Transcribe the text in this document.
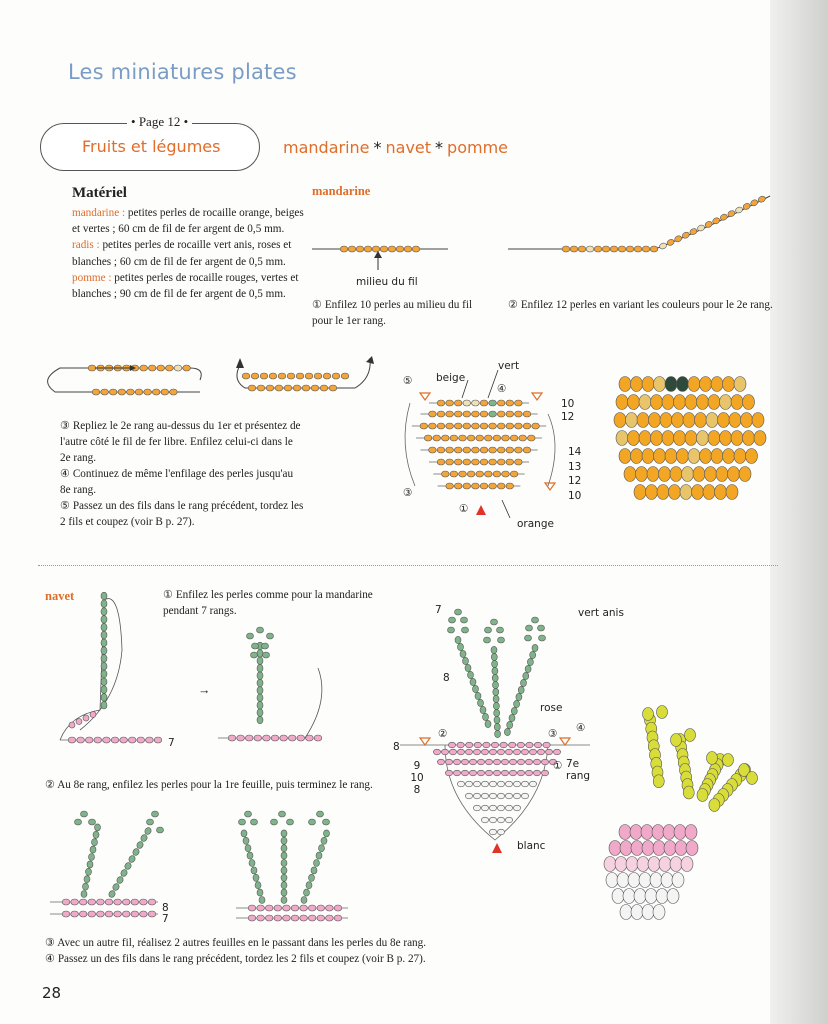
Les miniatures plates
• Page 12 •
Fruits et légumes	mandarine * navet * pomme
Matériel
mandarine : petites perles de rocaille orange, beiges et vertes ; 60 cm de fil de fer argent de 0,5 mm.
radis : petites perles de rocaille vert anis, roses et blanches ; 60 cm de fil de fer argent de 0,5 mm.
pomme : petites perles de rocaille rouges, vertes et blanches ; 90 cm de fil de fer argent de 0,5 mm.
mandarine
milieu du fil
① Enfilez 10 perles au milieu du fil pour le 1er rang.
② Enfilez 12 perles en variant les couleurs pour le 2e rang.
③ Repliez le 2e rang au-dessus du 1er et présentez de l'autre côté le fil de fer libre. Enfilez celui-ci dans le 2e rang.
④ Continuez de même l'enfilage des perles jusqu'au 8e rang.
⑤ Passez un des fils dans le rang précédent, tordez les 2 fils et coupez (voir B p. 27).
vert
beige
⑤
④
③
①
orange
10
12
14
13
12
10
navet	① Enfilez les perles comme pour la mandarine pendant 7 rangs.
7
→
② Au 8e rang, enfilez les perles pour la 1re feuille, puis terminez le rang.
8
7
③ Avec un autre fil, réalisez 2 autres feuilles en le passant dans les perles du 8e rang.
④ Passez un des fils dans le rang précédent, tordez les 2 fils et coupez (voir B p. 27).
vert anis
rose
blanc
7e rang
7
8
8
9
10
8
②	③ ④
①
28
